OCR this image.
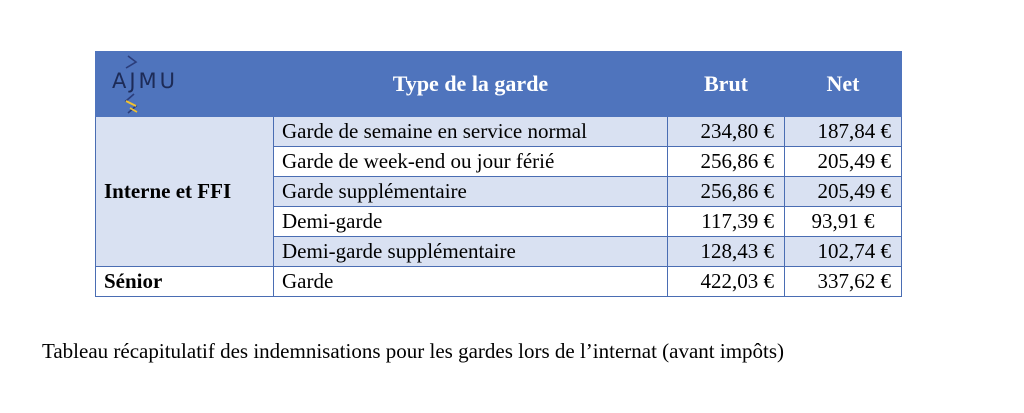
AJMU	Type de la garde	Brut	Net
Interne et FFI	Garde de semaine en service normal	234,80 €	187,84 €
	Garde de week-end ou jour férié	256,86 €	205,49 €
	Garde supplémentaire	256,86 €	205,49 €
	Demi-garde	117,39 €	93,91 €
	Demi-garde supplémentaire	128,43 €	102,74 €
Sénior	Garde	422,03 €	337,62 €
Tableau récapitulatif des indemnisations pour les gardes lors de l’internat (avant impôts)
